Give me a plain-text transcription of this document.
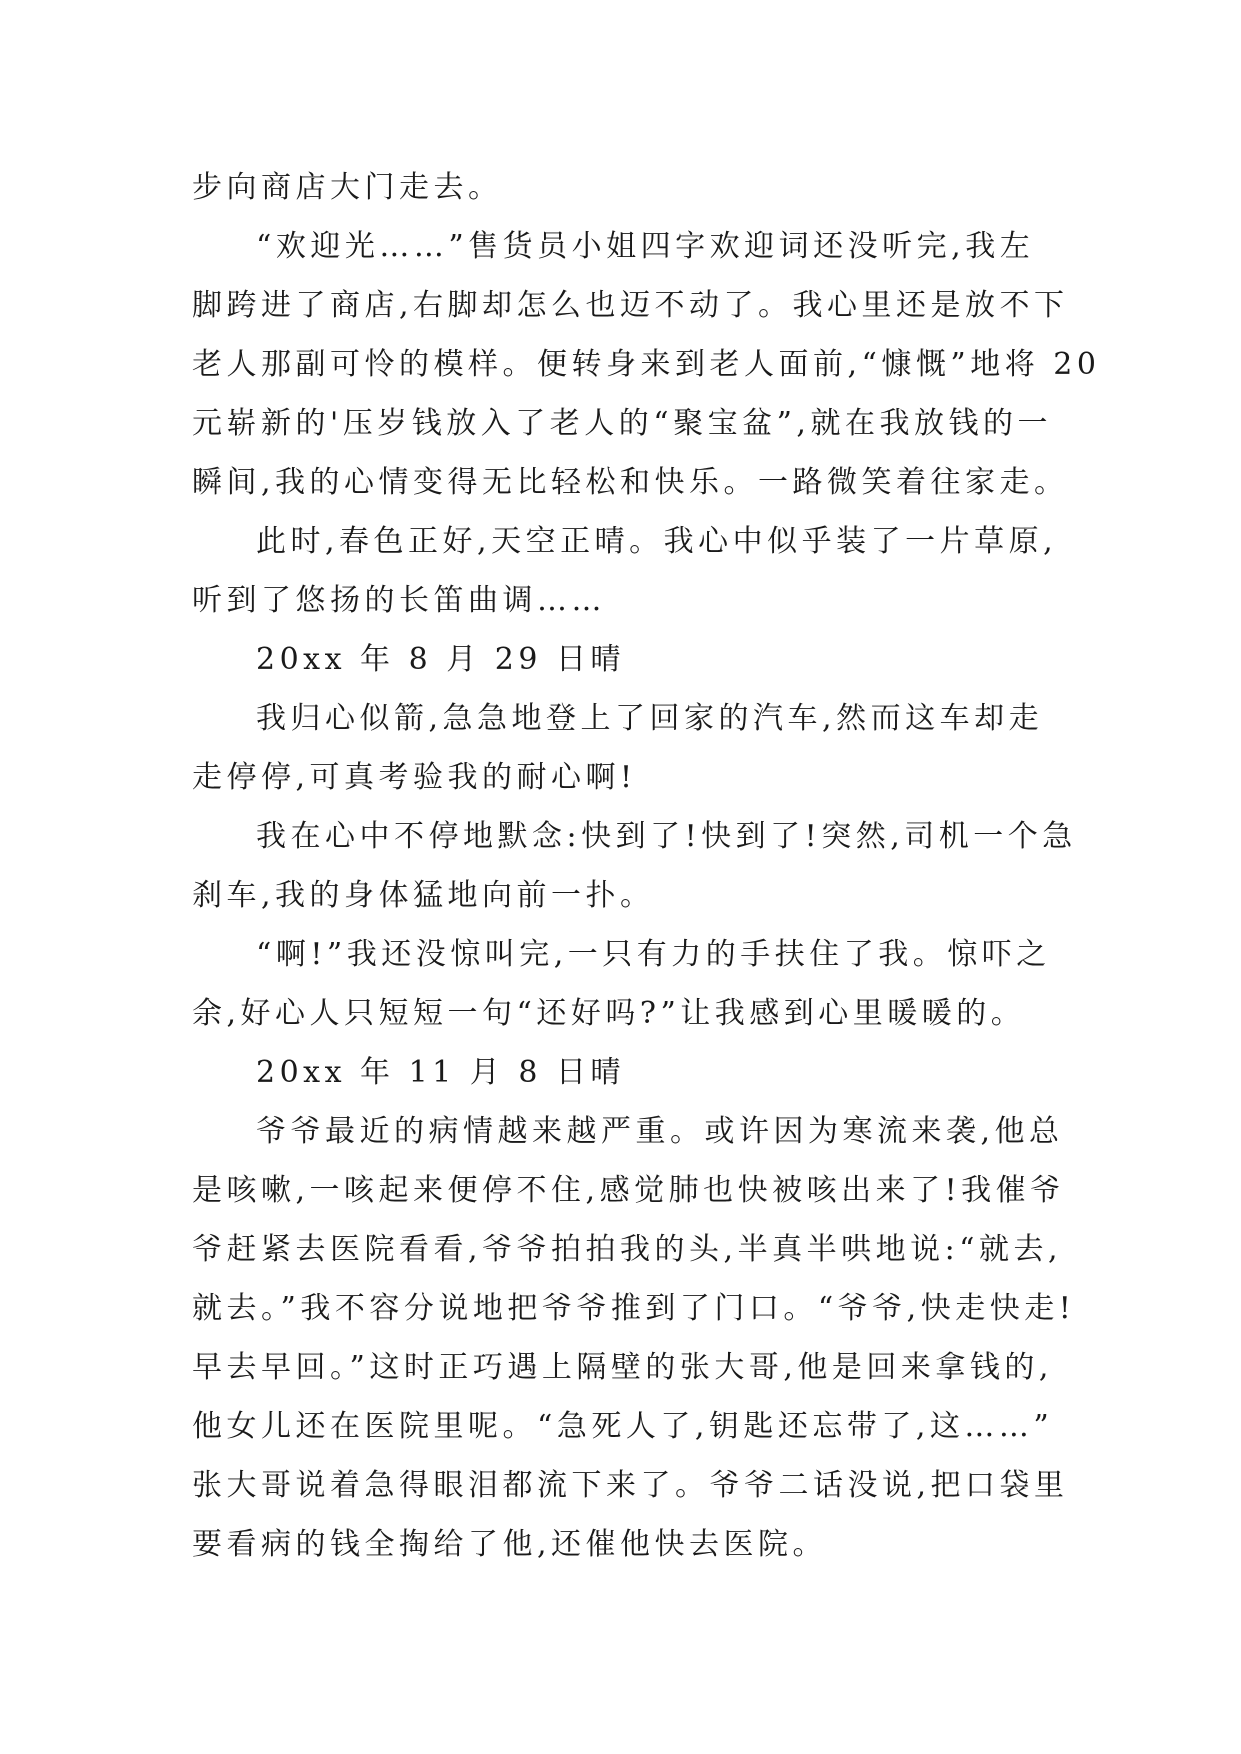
步向商店大门走去。
“欢迎光……”售货员小姐四字欢迎词还没听完,我左
脚跨进了商店,右脚却怎么也迈不动了。我心里还是放不下
老人那副可怜的模样。便转身来到老人面前,“慷慨”地将 20
元崭新的'压岁钱放入了老人的“聚宝盆”,就在我放钱的一
瞬间,我的心情变得无比轻松和快乐。一路微笑着往家走。
此时,春色正好,天空正晴。我心中似乎装了一片草原,
听到了悠扬的长笛曲调……
20xx 年 8 月 29 日晴
我归心似箭,急急地登上了回家的汽车,然而这车却走
走停停,可真考验我的耐心啊!
我在心中不停地默念:快到了!快到了!突然,司机一个急
刹车,我的身体猛地向前一扑。
“啊!”我还没惊叫完,一只有力的手扶住了我。惊吓之
余,好心人只短短一句“还好吗?”让我感到心里暖暖的。
20xx 年 11 月 8 日晴
爷爷最近的病情越来越严重。或许因为寒流来袭,他总
是咳嗽,一咳起来便停不住,感觉肺也快被咳出来了!我催爷
爷赶紧去医院看看,爷爷拍拍我的头,半真半哄地说:“就去,
就去。”我不容分说地把爷爷推到了门口。“爷爷,快走快走!
早去早回。”这时正巧遇上隔壁的张大哥,他是回来拿钱的,
他女儿还在医院里呢。“急死人了,钥匙还忘带了,这……”
张大哥说着急得眼泪都流下来了。爷爷二话没说,把口袋里
要看病的钱全掏给了他,还催他快去医院。
